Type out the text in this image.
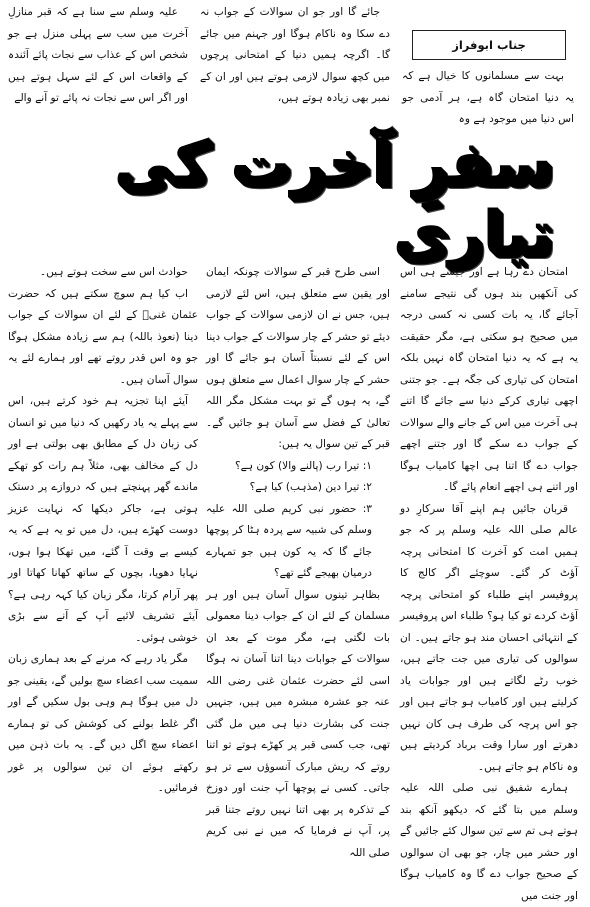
علیہ وسلم سے سنا ہے کہ قبر منازلِ آخرت میں سب سے پہلی منزل ہے جو شخص اس کے عذاب سے نجات پائے آئندہ کے واقعات اس کے لئے سہل ہوتے ہیں اور اگر اس سے نجات نہ پائے تو آنے والے

جائے گا اور جو ان سوالات کے جواب نہ دے سکا وہ ناکام ہوگا اور جہنم میں جائے گا۔ اگرچہ ہمیں دنیا کے امتحانی پرچوں میں کچھ سوال لازمی ہوتے ہیں اور ان کے نمبر بھی زیادہ ہوتے ہیں،

جناب ابوفراز

بہت سے مسلمانوں کا خیال ہے کہ یہ دنیا امتحان گاہ ہے، ہر آدمی جو اس دنیا میں موجود ہے وہ

سفرِ آخرت کی تیاری

امتحان دے رہا ہے اور جیسے ہی اس کی آنکھیں بند ہوں گی نتیجے سامنے آجائے گا، یہ بات کسی نہ کسی درجہ میں صحیح ہو سکتی ہے، مگر حقیقت یہ ہے کہ یہ دنیا امتحان گاہ نہیں بلکہ امتحان کی تیاری کی جگہ ہے۔ جو جتنی اچھی تیاری کرکے دنیا سے جائے گا اتنے ہی آخرت میں اس کے جانے والے سوالات کے جواب دے سکے گا اور جتنے اچھے جواب دے گا اتنا ہی اچھا کامیاب ہوگا اور اتنے ہی اچھے انعام پائے گا۔

قربان جائیں ہم اپنے آقا سرکارِ دو عالم صلی اللہ علیہ وسلم پر کہ جو ہمیں امت کو آخرت کا امتحانی پرچہ آؤٹ کر گئے۔ سوچئے اگر کالج کا پروفیسر اپنے طلباء کو امتحانی پرچہ آؤٹ کردے تو کیا ہو؟ طلباء اس پروفیسر کے انتہائی احسان مند ہو جاتے ہیں۔ ان سوالوں کی تیاری میں جت جاتے ہیں، خوب رٹے لگاتے ہیں اور جوابات یاد کرلیتے ہیں اور کامیاب ہو جاتے ہیں اور جو اس پرچہ کی طرف ہی کان نہیں دھرتے اور سارا وقت برباد کردیتے ہیں وہ ناکام ہو جاتے ہیں۔

ہمارے شفیق نبی صلی اللہ علیہ وسلم میں بتا گئے کہ دیکھو آنکھ بند ہوتے ہی تم سے تین سوال کئے جائیں گے اور حشر میں چار، جو بھی ان سوالوں کے صحیح جواب دے گا وہ کامیاب ہوگا اور جنت میں

اسی طرح قبر کے سوالات چونکہ ایمان اور یقین سے متعلق ہیں، اس لئے لازمی ہیں، جس نے ان لازمی سوالات کے جواب دیئے تو حشر کے چار سوالات کے جواب دینا اس کے لئے نسبتاً آسان ہو جائے گا اور حشر کے چار سوال اعمال سے متعلق ہوں گے، یہ ہوں گے تو بہت مشکل مگر اللہ تعالیٰ کے فضل سے آسان ہو جائیں گے۔ قبر کے تین سوال یہ ہیں:

۱: تیرا رب (پالنے والا) کون ہے؟
۲: تیرا دین (مذہب) کیا ہے؟
۳: حضور نبی کریم صلی اللہ علیہ وسلم کی شبیہ سے پردہ ہٹا کر پوچھا جائے گا کہ یہ کون ہیں جو تمہارے درمیان بھیجے گئے تھے؟

بظاہر تینوں سوال آسان ہیں اور ہر مسلمان کے لئے ان کے جواب دینا معمولی بات لگتی ہے، مگر موت کے بعد ان سوالات کے جوابات دینا اتنا آسان نہ ہوگا اسی لئے حضرت عثمان غنی رضی اللہ عنہ جو عشرہ مبشرہ میں ہیں، جنہیں جنت کی بشارت دنیا ہی میں مل گئی تھی، جب کسی قبر پر کھڑے ہوتے تو اتنا روتے کہ ریش مبارک آنسوؤں سے تر ہو جاتی۔ کسی نے پوچھا آپ جنت اور دوزخ کے تذکرہ پر بھی اتنا نہیں روتے جتنا قبر پر، آپ نے فرمایا کہ میں نے نبی کریم صلی اللہ

حوادث اس سے سخت ہوتے ہیں۔

اب کیا ہم سوچ سکتے ہیں کہ حضرت عثمان غنیؓ کے لئے ان سوالات کے جواب دینا (نعوذ باللہ) ہم سے زیادہ مشکل ہوگا جو وہ اس قدر روتے تھے اور ہمارے لئے یہ سوال آسان ہیں۔

آیئے اپنا تجزیہ ہم خود کرتے ہیں، اس سے پہلے یہ یاد رکھیں کہ دنیا میں تو انسان کی زبان دل کے مطابق بھی بولتی ہے اور دل کے مخالف بھی، مثلاً ہم رات کو تھکے ماندے گھر پہنچتے ہیں کہ دروازے پر دستک ہوتی ہے، جاکر دیکھا کہ نہایت عزیز دوست کھڑے ہیں، دل میں تو یہ ہے کہ یہ کیسے بے وقت آ گئے، میں تھکا ہوا ہوں، نہایا دھویا، بچوں کے ساتھ کھانا کھاتا اور پھر آرام کرتا، مگر زبان کیا کہہ رہی ہے؟ آیئے تشریف لائیے آپ کے آنے سے بڑی خوشی ہوئی۔

مگر یاد رہے کہ مرنے کے بعد ہماری زبان سمیت سب اعضاء سچ بولیں گے، یقینی جو دل میں ہوگا ہم وہی بول سکیں گے اور اگر غلط بولنے کی کوشش کی تو ہمارے اعضاء سچ اگل دیں گے۔ یہ بات ذہن میں رکھتے ہوئے ان تین سوالوں پر غور فرمائیں۔
